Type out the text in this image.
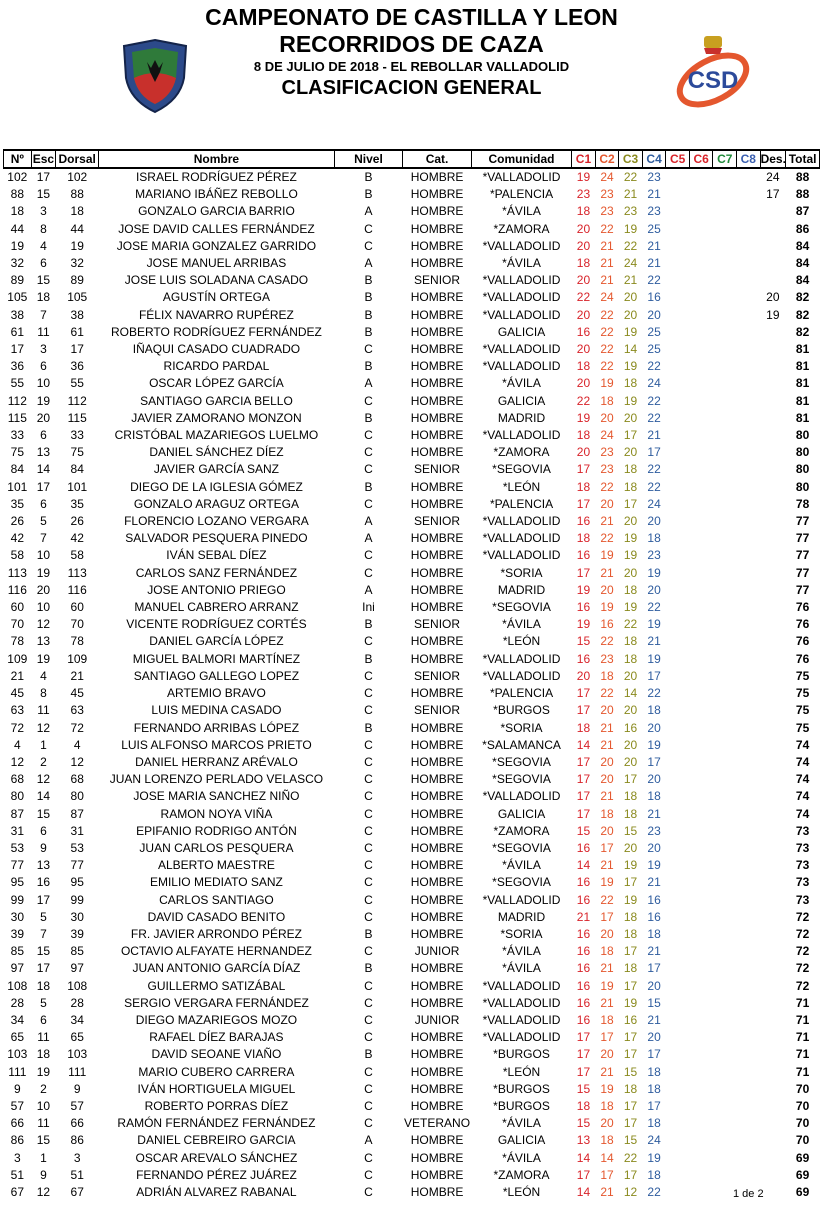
CAMPEONATO DE CASTILLA Y LEON
RECORRIDOS DE CAZA
8 DE JULIO DE 2018 - EL REBOLLAR VALLADOLID
CLASIFICACION GENERAL	CSD
Nº	Esc	Dorsal	Nombre	Nivel	Cat.	Comunidad	C1	C2	C3	C4	C5	C6	C7	C8	Des.	Total
102	17	102	ISRAEL RODRÍGUEZ PÉREZ	B	HOMBRE	*VALLADOLID	19	24	22	23					24	88
88	15	88	MARIANO IBÁÑEZ REBOLLO	B	HOMBRE	*PALENCIA	23	23	21	21					17	88
18	3	18	GONZALO GARCIA BARRIO	A	HOMBRE	*ÁVILA	18	23	23	23						87
44	8	44	JOSE DAVID CALLES FERNÁNDEZ	C	HOMBRE	*ZAMORA	20	22	19	25						86
19	4	19	JOSE MARIA GONZALEZ GARRIDO	C	HOMBRE	*VALLADOLID	20	21	22	21						84
32	6	32	JOSE MANUEL ARRIBAS	A	HOMBRE	*ÁVILA	18	21	24	21						84
89	15	89	JOSE LUIS SOLADANA CASADO	B	SENIOR	*VALLADOLID	20	21	21	22						84
105	18	105	AGUSTÍN ORTEGA	B	HOMBRE	*VALLADOLID	22	24	20	16					20	82
38	7	38	FÉLIX NAVARRO RUPÉREZ	B	HOMBRE	*VALLADOLID	20	22	20	20					19	82
61	11	61	ROBERTO RODRÍGUEZ FERNÁNDEZ	B	HOMBRE	GALICIA	16	22	19	25						82
17	3	17	IÑAQUI CASADO CUADRADO	C	HOMBRE	*VALLADOLID	20	22	14	25						81
36	6	36	RICARDO PARDAL	B	HOMBRE	*VALLADOLID	18	22	19	22						81
55	10	55	OSCAR LÓPEZ GARCÍA	A	HOMBRE	*ÁVILA	20	19	18	24						81
112	19	112	SANTIAGO GARCIA BELLO	C	HOMBRE	GALICIA	22	18	19	22						81
115	20	115	JAVIER ZAMORANO MONZON	B	HOMBRE	MADRID	19	20	20	22						81
33	6	33	CRISTÓBAL MAZARIEGOS LUELMO	C	HOMBRE	*VALLADOLID	18	24	17	21						80
75	13	75	DANIEL SÁNCHEZ DÍEZ	C	HOMBRE	*ZAMORA	20	23	20	17						80
84	14	84	JAVIER GARCÍA SANZ	C	SENIOR	*SEGOVIA	17	23	18	22						80
101	17	101	DIEGO DE LA IGLESIA GÓMEZ	B	HOMBRE	*LEÓN	18	22	18	22						80
35	6	35	GONZALO ARAGUZ ORTEGA	C	HOMBRE	*PALENCIA	17	20	17	24						78
26	5	26	FLORENCIO LOZANO VERGARA	A	SENIOR	*VALLADOLID	16	21	20	20						77
42	7	42	SALVADOR PESQUERA PINEDO	A	HOMBRE	*VALLADOLID	18	22	19	18						77
58	10	58	IVÁN SEBAL DÍEZ	C	HOMBRE	*VALLADOLID	16	19	19	23						77
113	19	113	CARLOS SANZ FERNÁNDEZ	C	HOMBRE	*SORIA	17	21	20	19						77
116	20	116	JOSE ANTONIO PRIEGO	A	HOMBRE	MADRID	19	20	18	20						77
60	10	60	MANUEL CABRERO ARRANZ	Ini	HOMBRE	*SEGOVIA	16	19	19	22						76
70	12	70	VICENTE RODRÍGUEZ CORTÉS	B	SENIOR	*ÁVILA	19	16	22	19						76
78	13	78	DANIEL GARCÍA LÓPEZ	C	HOMBRE	*LEÓN	15	22	18	21						76
109	19	109	MIGUEL BALMORI MARTÍNEZ	B	HOMBRE	*VALLADOLID	16	23	18	19						76
21	4	21	SANTIAGO GALLEGO LOPEZ	C	SENIOR	*VALLADOLID	20	18	20	17						75
45	8	45	ARTEMIO BRAVO	C	HOMBRE	*PALENCIA	17	22	14	22						75
63	11	63	LUIS MEDINA CASADO	C	SENIOR	*BURGOS	17	20	20	18						75
72	12	72	FERNANDO ARRIBAS LÓPEZ	B	HOMBRE	*SORIA	18	21	16	20						75
4	1	4	LUIS ALFONSO MARCOS PRIETO	C	HOMBRE	*SALAMANCA	14	21	20	19						74
12	2	12	DANIEL HERRANZ ARÉVALO	C	HOMBRE	*SEGOVIA	17	20	20	17						74
68	12	68	JUAN LORENZO PERLADO VELASCO	C	HOMBRE	*SEGOVIA	17	20	17	20						74
80	14	80	JOSE MARIA SANCHEZ NIÑO	C	HOMBRE	*VALLADOLID	17	21	18	18						74
87	15	87	RAMON NOYA VIÑA	C	HOMBRE	GALICIA	17	18	18	21						74
31	6	31	EPIFANIO RODRIGO ANTÓN	C	HOMBRE	*ZAMORA	15	20	15	23						73
53	9	53	JUAN CARLOS PESQUERA	C	HOMBRE	*SEGOVIA	16	17	20	20						73
77	13	77	ALBERTO MAESTRE	C	HOMBRE	*ÁVILA	14	21	19	19						73
95	16	95	EMILIO MEDIATO SANZ	C	HOMBRE	*SEGOVIA	16	19	17	21						73
99	17	99	CARLOS SANTIAGO	C	HOMBRE	*VALLADOLID	16	22	19	16						73
30	5	30	DAVID CASADO BENITO	C	HOMBRE	MADRID	21	17	18	16						72
39	7	39	FR. JAVIER ARRONDO PÉREZ	B	HOMBRE	*SORIA	16	20	18	18						72
85	15	85	OCTAVIO ALFAYATE HERNANDEZ	C	JUNIOR	*ÁVILA	16	18	17	21						72
97	17	97	JUAN ANTONIO GARCÍA DÍAZ	B	HOMBRE	*ÁVILA	16	21	18	17						72
108	18	108	GUILLERMO SATIZÁBAL	C	HOMBRE	*VALLADOLID	16	19	17	20						72
28	5	28	SERGIO VERGARA FERNÁNDEZ	C	HOMBRE	*VALLADOLID	16	21	19	15						71
34	6	34	DIEGO MAZARIEGOS MOZO	C	JUNIOR	*VALLADOLID	16	18	16	21						71
65	11	65	RAFAEL DÍEZ BARAJAS	C	HOMBRE	*VALLADOLID	17	17	17	20						71
103	18	103	DAVID SEOANE VIAÑO	B	HOMBRE	*BURGOS	17	20	17	17						71
111	19	111	MARIO CUBERO CARRERA	C	HOMBRE	*LEÓN	17	21	15	18						71
9	2	9	IVÁN HORTIGUELA MIGUEL	C	HOMBRE	*BURGOS	15	19	18	18						70
57	10	57	ROBERTO PORRAS DÍEZ	C	HOMBRE	*BURGOS	18	18	17	17						70
66	11	66	RAMÓN FERNÁNDEZ FERNÁNDEZ	C	VETERANO	*ÁVILA	15	20	17	18						70
86	15	86	DANIEL CEBREIRO GARCIA	A	HOMBRE	GALICIA	13	18	15	24						70
3	1	3	OSCAR AREVALO SÁNCHEZ	C	HOMBRE	*ÁVILA	14	14	22	19						69
51	9	51	FERNANDO PÉREZ JUÁREZ	C	HOMBRE	*ZAMORA	17	17	17	18						69
67	12	67	ADRIÁN ALVAREZ RABANAL	C	HOMBRE	*LEÓN	14	21	12	22						69
1 de 2
